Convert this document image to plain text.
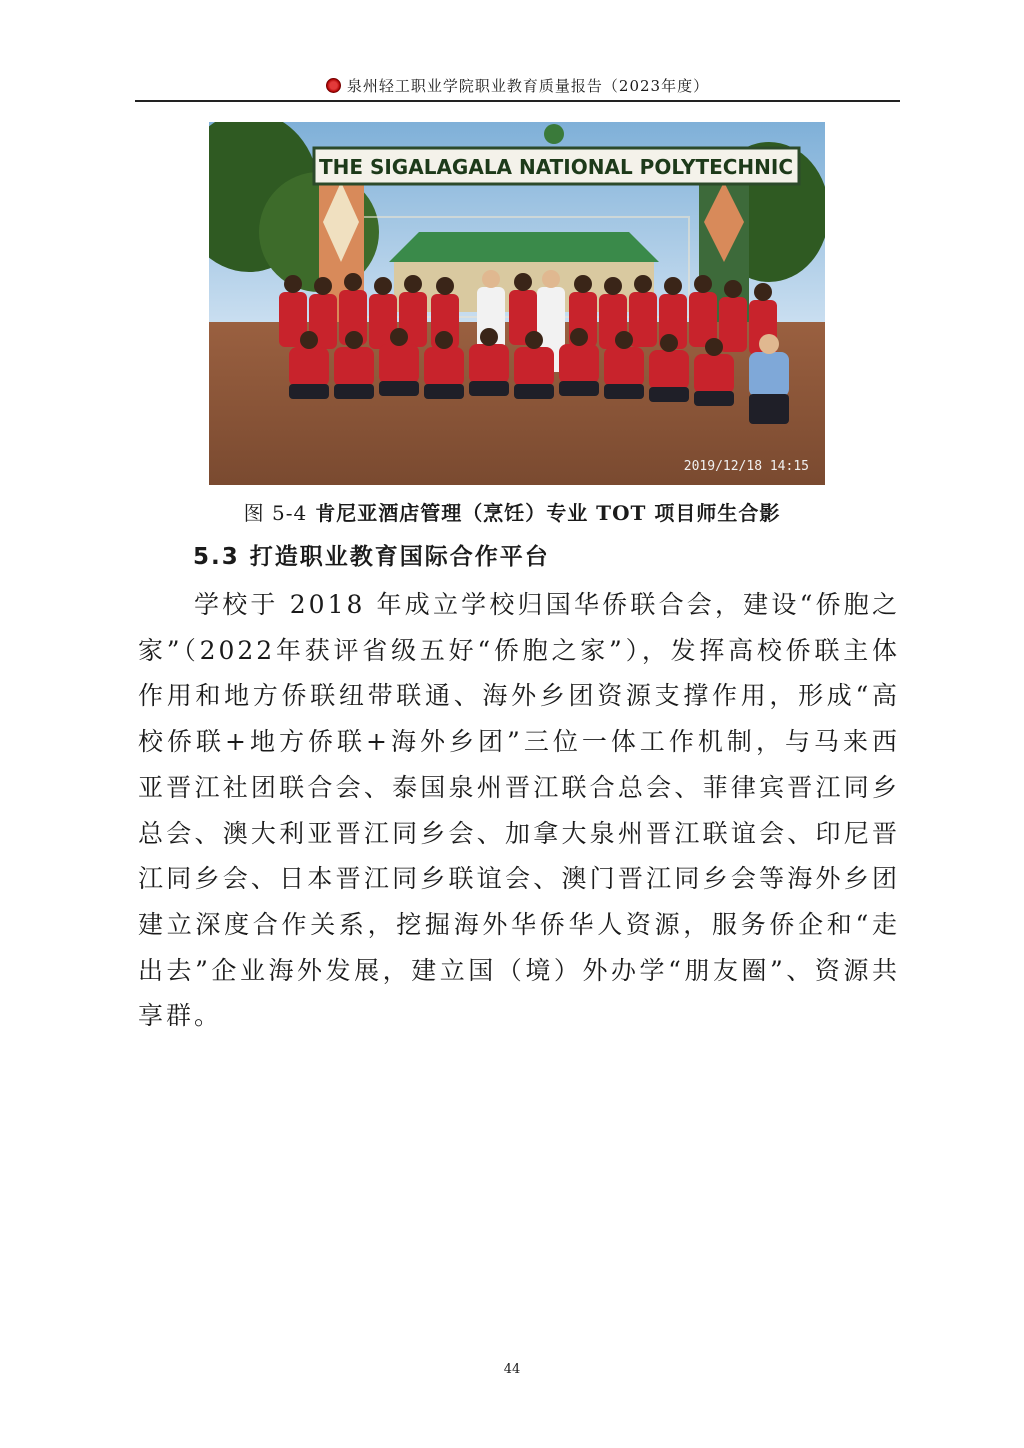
泉州轻工职业学院职业教育质量报告（2023年度）
THE SIGALAGALA NATIONAL POLYTECHNIC
2019/12/18 14:15
图 5-4 肯尼亚酒店管理（烹饪）专业 TOT 项目师生合影
5.3 打造职业教育国际合作平台
学校于 2018 年成立学校归国华侨联合会，建设“侨胞之家”（2022年获评省级五好“侨胞之家”），发挥高校侨联主体作用和地方侨联纽带联通、海外乡团资源支撑作用，形成“高校侨联+地方侨联+海外乡团”三位一体工作机制，与马来西亚晋江社团联合会、泰国泉州晋江联合总会、菲律宾晋江同乡总会、澳大利亚晋江同乡会、加拿大泉州晋江联谊会、印尼晋江同乡会、日本晋江同乡联谊会、澳门晋江同乡会等海外乡团建立深度合作关系，挖掘海外华侨华人资源，服务侨企和“走出去”企业海外发展，建立国（境）外办学“朋友圈”、资源共享群。
44
